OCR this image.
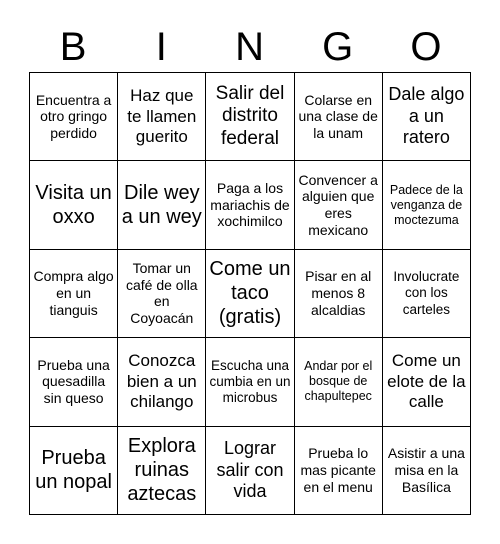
B	I	N	G	O
Encuentra a otro gringo perdido
Haz que te llamen guerito
Salir del distrito federal
Colarse en una clase de la unam
Dale algo a un ratero
Visita un oxxo
Dile wey a un wey
Paga a los mariachis de xochimilco
Convencer a alguien que eres mexicano
Padece de la venganza de moctezuma
Compra algo en un tianguis
Tomar un café de olla en Coyoacán
Come un taco (gratis)
Pisar en al menos 8 alcaldias
Involucrate con los carteles
Prueba una quesadilla sin queso
Conozca bien a un chilango
Escucha una cumbia en un microbus
Andar por el bosque de chapultepec
Come un elote de la calle
Prueba un nopal
Explora ruinas aztecas
Lograr salir con vida
Prueba lo mas picante en el menu
Asistir a una misa en la Basílica
